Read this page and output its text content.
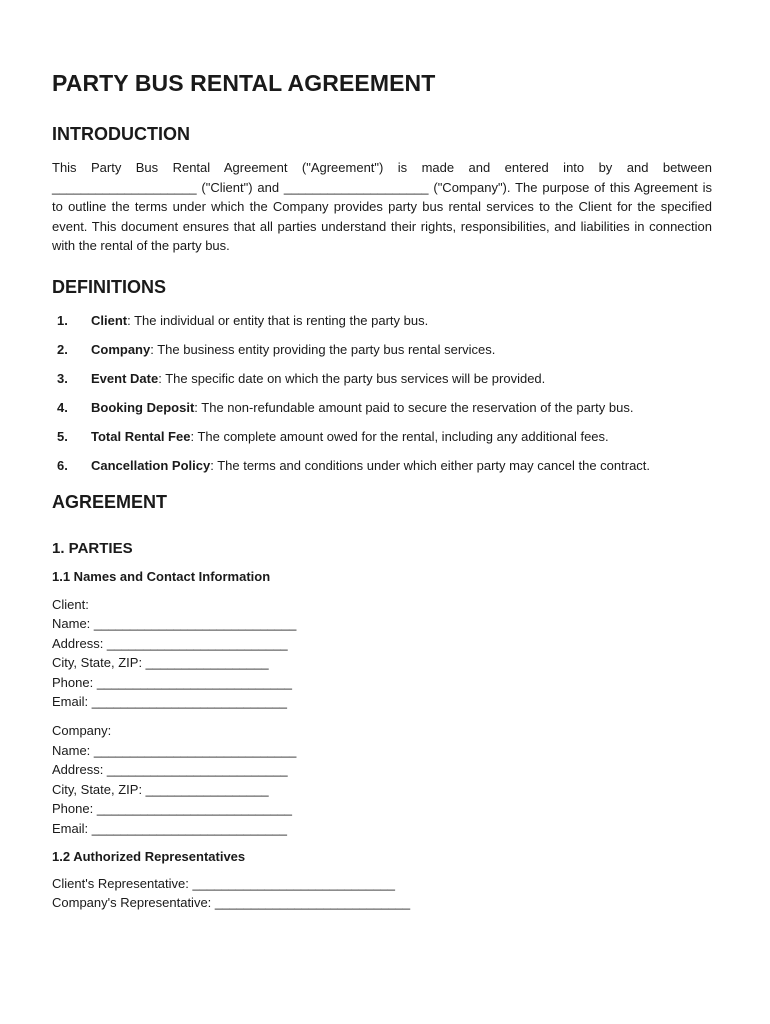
PARTY BUS RENTAL AGREEMENT
INTRODUCTION

This Party Bus Rental Agreement ("Agreement") is made and entered into by and between ____________________ ("Client") and ____________________ ("Company"). The purpose of this Agreement is to outline the terms under which the Company provides party bus rental services to the Client for the specified event. This document ensures that all parties understand their rights, responsibilities, and liabilities in connection with the rental of the party bus.

DEFINITIONS
1. Client: The individual or entity that is renting the party bus.
2. Company: The business entity providing the party bus rental services.
3. Event Date: The specific date on which the party bus services will be provided.
4. Booking Deposit: The non-refundable amount paid to secure the reservation of the party bus.
5. Total Rental Fee: The complete amount owed for the rental, including any additional fees.
6. Cancellation Policy: The terms and conditions under which either party may cancel the contract.
AGREEMENT
1. PARTIES
1.1 Names and Contact Information
Client:
Name: ____________________________
Address: _________________________
City, State, ZIP: _________________
Phone: ___________________________
Email: ___________________________
Company:
Name: ____________________________
Address: _________________________
City, State, ZIP: _________________
Phone: ___________________________
Email: ___________________________
1.2 Authorized Representatives
Client's Representative: ____________________________
Company's Representative: ___________________________
